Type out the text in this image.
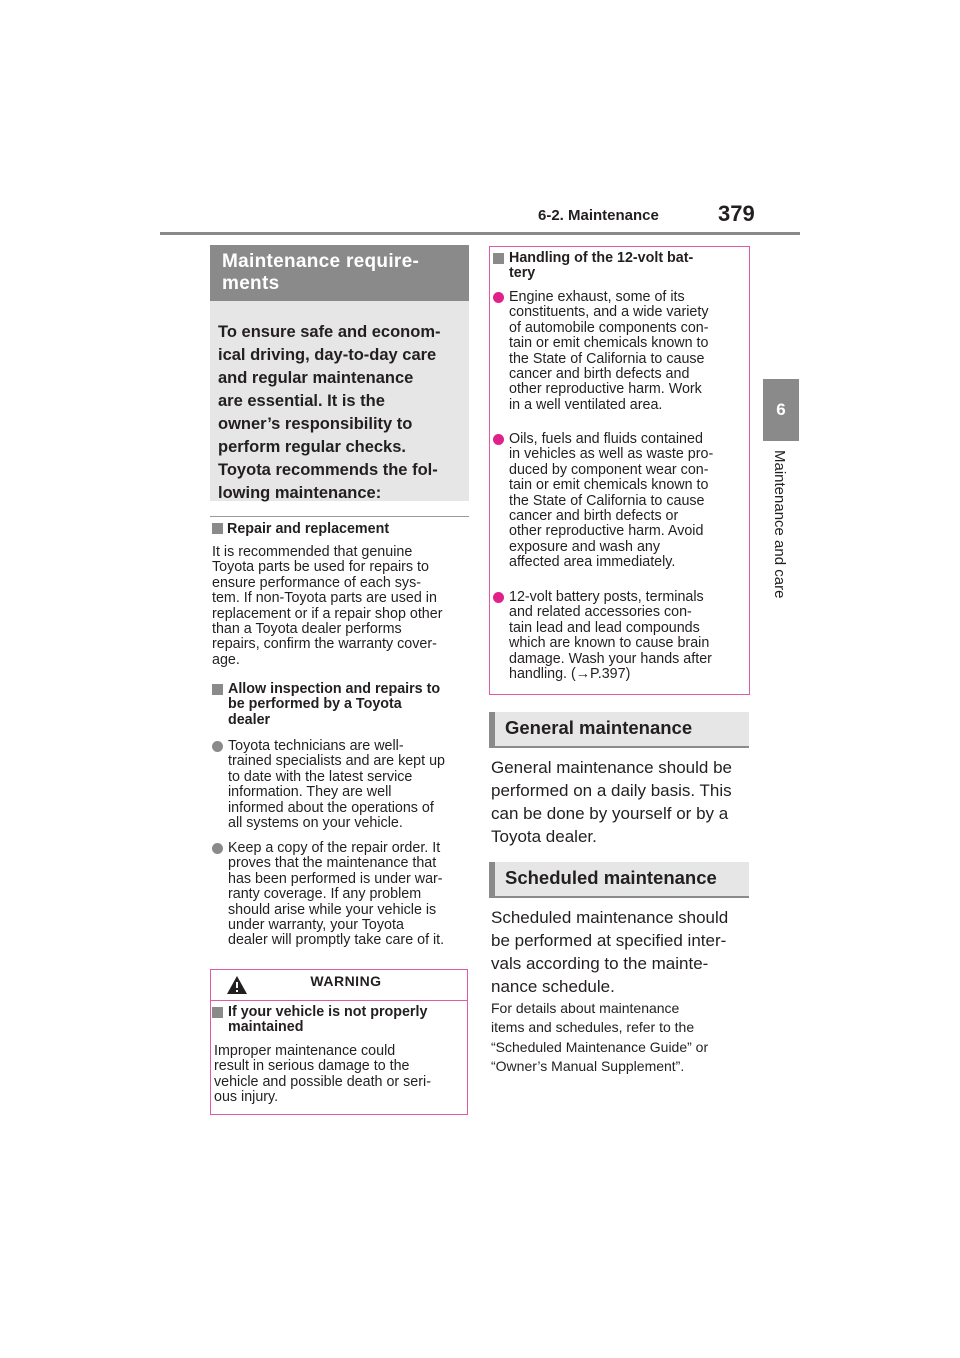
6-2. Maintenance	379
6
Maintenance and care
Maintenance require-
ments
To ensure safe and econom-
ical driving, day-to-day care
and regular maintenance
are essential. It is the
owner’s responsibility to
perform regular checks.
Toyota recommends the fol-
lowing maintenance:
Repair and replacement
It is recommended that genuine
Toyota parts be used for repairs to
ensure performance of each sys-
tem. If non-Toyota parts are used in
replacement or if a repair shop other
than a Toyota dealer performs
repairs, confirm the warranty cover-
age.
Allow inspection and repairs to
be performed by a Toyota
dealer
Toyota technicians are well-
trained specialists and are kept up
to date with the latest service
information. They are well
informed about the operations of
all systems on your vehicle.
Keep a copy of the repair order. It
proves that the maintenance that
has been performed is under war-
ranty coverage. If any problem
should arise while your vehicle is
under warranty, your Toyota
dealer will promptly take care of it.
WARNING
If your vehicle is not properly
maintained
Improper maintenance could
result in serious damage to the
vehicle and possible death or seri-
ous injury.
Handling of the 12-volt bat-
tery
Engine exhaust, some of its
constituents, and a wide variety
of automobile components con-
tain or emit chemicals known to
the State of California to cause
cancer and birth defects and
other reproductive harm. Work
in a well ventilated area.
Oils, fuels and fluids contained
in vehicles as well as waste pro-
duced by component wear con-
tain or emit chemicals known to
the State of California to cause
cancer and birth defects or
other reproductive harm. Avoid
exposure and wash any
affected area immediately.
12-volt battery posts, terminals
and related accessories con-
tain lead and lead compounds
which are known to cause brain
damage. Wash your hands after
handling. (→P.397)
General maintenance
General maintenance should be
performed on a daily basis. This
can be done by yourself or by a
Toyota dealer.
Scheduled maintenance
Scheduled maintenance should
be performed at specified inter-
vals according to the mainte-
nance schedule.
For details about maintenance
items and schedules, refer to the
“Scheduled Maintenance Guide” or
“Owner’s Manual Supplement”.
